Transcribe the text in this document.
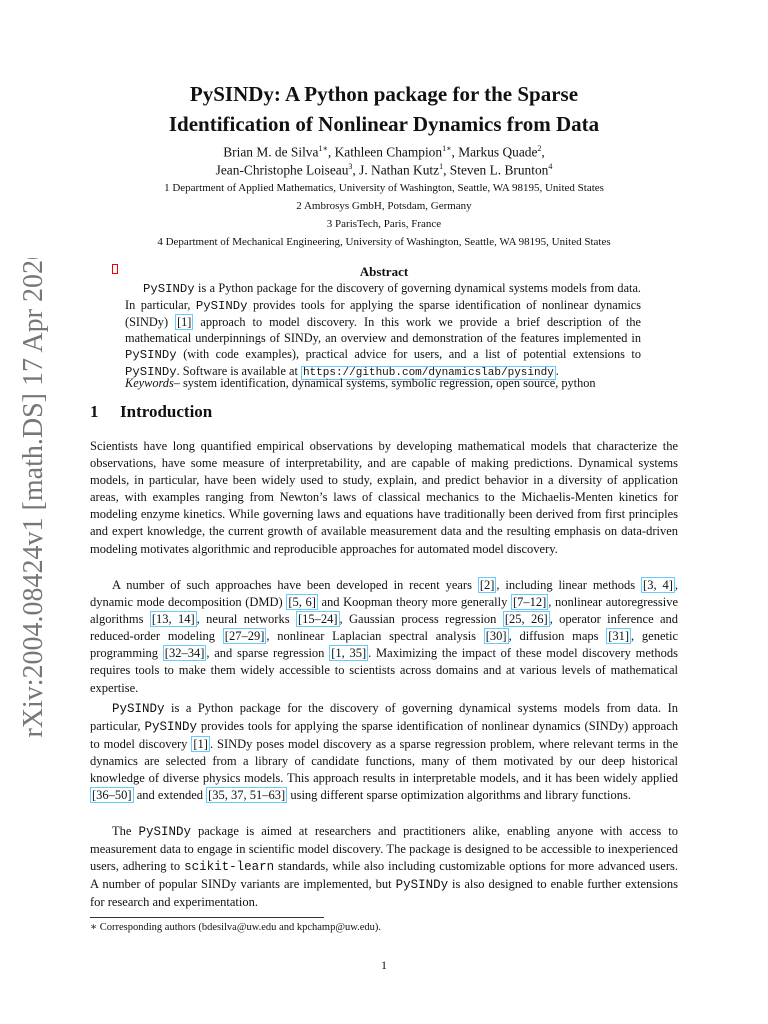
arXiv:2004.08424v1 [math.DS] 17 Apr 2020
PySINDy: A Python package for the Sparse
Identification of Nonlinear Dynamics from Data
Brian M. de Silva$^{1∗}$, Kathleen Champion$^{1∗}$, Markus Quade$^2$,
Jean-Christophe Loiseau$^3$, J. Nathan Kutz$^1$, Steven L. Brunton$^4$
1 Department of Applied Mathematics, University of Washington, Seattle, WA 98195, United States
2 Ambrosys GmbH, Potsdam, Germany
3 ParisTech, Paris, France
4 Department of Mechanical Engineering, University of Washington, Seattle, WA 98195, United States
Abstract
PySINDy is a Python package for the discovery of governing dynamical systems models from data. In particular, PySINDy provides tools for applying the sparse identification of nonlinear dynamics (SINDy) [1] approach to model discovery. In this work we provide a brief description of the mathematical underpinnings of SINDy, an overview and demonstration of the features implemented in PySINDy (with code examples), practical advice for users, and a list of potential extensions to PySINDy. Software is available at https://github.com/dynamicslab/pysindy .
Keywords– system identification, dynamical systems, symbolic regression, open source, python
1 Introduction
Scientists have long quantified empirical observations by developing mathematical models that characterize the observations, have some measure of interpretability, and are capable of making predictions. Dynamical systems models, in particular, have been widely used to study, explain, and predict behavior in a diversity of application areas, with examples ranging from Newton’s laws of classical mechanics to the Michaelis-Menten kinetics for modeling enzyme kinetics. While governing laws and equations have traditionally been derived from first principles and expert knowledge, the current growth of available measurement data and the resulting emphasis on data-driven modeling motivates algorithmic and reproducible approaches for automated model discovery.
A number of such approaches have been developed in recent years [2] , including linear methods [3, 4] , dynamic mode decomposition (DMD) [5, 6] and Koopman theory more generally [7–12] , nonlinear autoregressive algorithms [13, 14] , neural networks [15–24] , Gaussian process regression [25, 26] , operator inference and reduced-order modeling [27–29] , nonlinear Laplacian spectral analysis [30] , diffusion maps [31] , genetic programming [32–34] , and sparse regression [1, 35] . Maximizing the impact of these model discovery methods requires tools to make them widely accessible to scientists across domains and at various levels of mathematical expertise.
PySINDy is a Python package for the discovery of governing dynamical systems models from data. In particular, PySINDy provides tools for applying the sparse identification of nonlinear dynamics (SINDy) approach to model discovery [1] . SINDy poses model discovery as a sparse regression problem, where relevant terms in the dynamics are selected from a library of candidate functions, many of them motivated by our deep historical knowledge of diverse physics models. This approach results in interpretable models, and it has been widely applied [36–50] and extended [35, 37, 51–63] using different sparse optimization algorithms and library functions.
The PySINDy package is aimed at researchers and practitioners alike, enabling anyone with access to measurement data to engage in scientific model discovery. The package is designed to be accessible to inexperienced users, adhering to scikit-learn standards, while also including customizable options for more advanced users. A number of popular SINDy variants are implemented, but PySINDy is also designed to enable further extensions for research and experimentation.
∗ Corresponding authors (bdesilva@uw.edu and kpchamp@uw.edu).
1
